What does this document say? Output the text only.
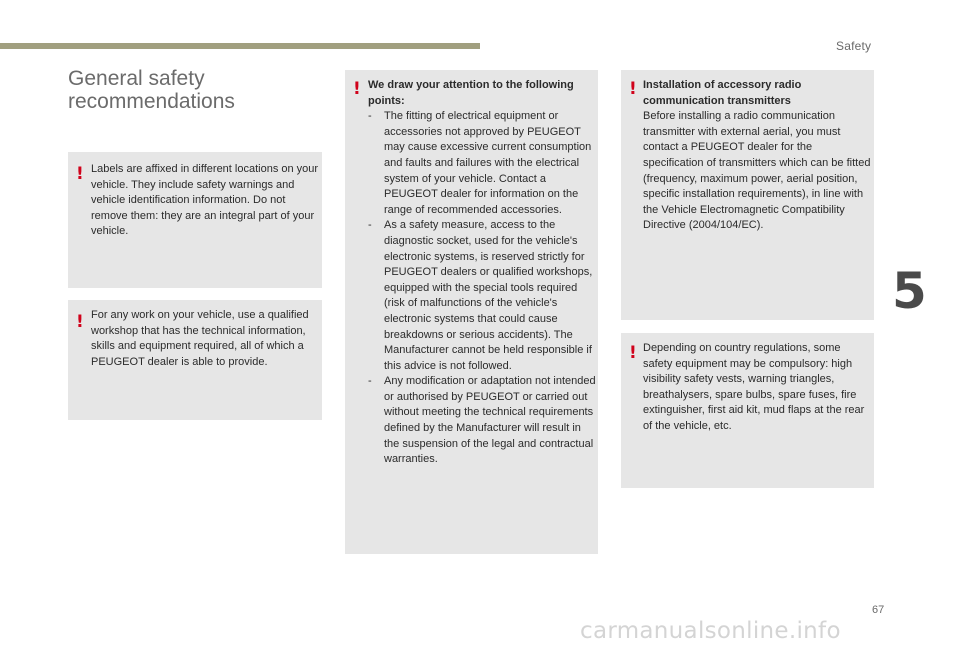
Safety
5
General safety recommendations
! Labels are affixed in different locations on your vehicle. They include safety warnings and vehicle identification information. Do not remove them: they are an integral part of your vehicle.

! For any work on your vehicle, use a qualified workshop that has the technical information, skills and equipment required, all of which a PEUGEOT dealer is able to provide.

! We draw your attention to the following points:

- The fitting of electrical equipment or accessories not approved by PEUGEOT may cause excessive current consumption and faults and failures with the electrical system of your vehicle. Contact a PEUGEOT dealer for information on the range of recommended accessories.
- As a safety measure, access to the diagnostic socket, used for the vehicle's electronic systems, is reserved strictly for PEUGEOT dealers or qualified workshops, equipped with the special tools required (risk of malfunctions of the vehicle's electronic systems that could cause breakdowns or serious accidents). The Manufacturer cannot be held responsible if this advice is not followed.
- Any modification or adaptation not intended or authorised by PEUGEOT or carried out without meeting the technical requirements defined by the Manufacturer will result in the suspension of the legal and contractual warranties.
! Installation of accessory radio communication transmitters

Before installing a radio communication transmitter with external aerial, you must contact a PEUGEOT dealer for the specification of transmitters which can be fitted (frequency, maximum power, aerial position, specific installation requirements), in line with the Vehicle Electromagnetic Compatibility Directive (2004/104/EC).

! Depending on country regulations, some safety equipment may be compulsory: high visibility safety vests, warning triangles, breathalysers, spare bulbs, spare fuses, fire extinguisher, first aid kit, mud flaps at the rear of the vehicle, etc.

67
carmanualsonline.info
